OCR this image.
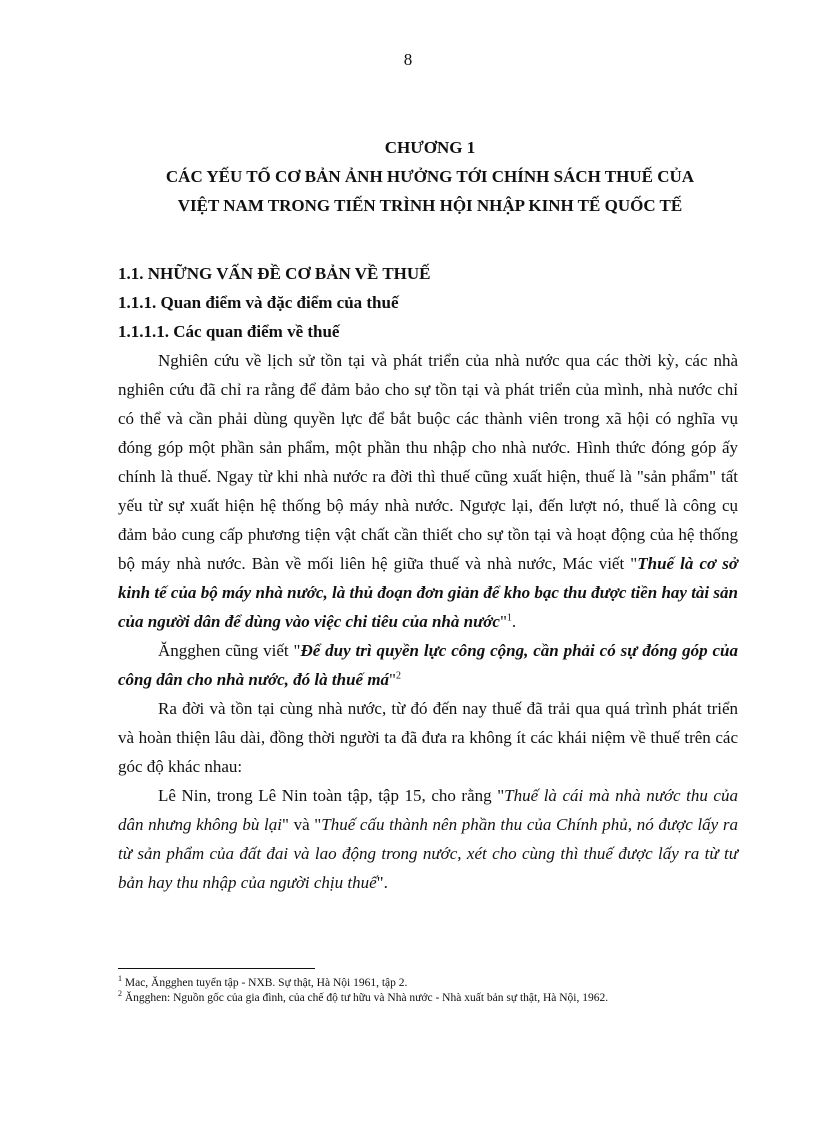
8
CHƯƠNG 1
CÁC YẾU TỐ CƠ BẢN ẢNH HƯỞNG TỚI CHÍNH SÁCH THUẾ CỦA
VIỆT NAM TRONG TIẾN TRÌNH HỘI NHẬP KINH TẾ QUỐC TẾ
1.1. NHỮNG VẤN ĐỀ CƠ BẢN VỀ THUẾ
1.1.1. Quan điểm và đặc điểm của thuế
1.1.1.1. Các quan điểm về thuế

Nghiên cứu về lịch sử tồn tại và phát triển của nhà nước qua các thời kỳ, các nhà nghiên cứu đã chỉ ra rằng để đảm bảo cho sự tồn tại và phát triển của mình, nhà nước chỉ có thể và cần phải dùng quyền lực để bắt buộc các thành viên trong xã hội có nghĩa vụ đóng góp một phần sản phẩm, một phần thu nhập cho nhà nước. Hình thức đóng góp ấy chính là thuế. Ngay từ khi nhà nước ra đời thì thuế cũng xuất hiện, thuế là "sản phẩm" tất yếu từ sự xuất hiện hệ thống bộ máy nhà nước. Ngược lại, đến lượt nó, thuế là công cụ đảm bảo cung cấp phương tiện vật chất cần thiết cho sự tồn tại và hoạt động của hệ thống bộ máy nhà nước. Bàn về mối liên hệ giữa thuế và nhà nước, Mác viết "Thuế là cơ sở kinh tế của bộ máy nhà nước, là thủ đoạn đơn giản để kho bạc thu được tiền hay tài sản của người dân để dùng vào việc chi tiêu của nhà nước"$^1$.

Ăngghen cũng viết "Để duy trì quyền lực công cộng, cần phải có sự đóng góp của công dân cho nhà nước, đó là thuế má"$^2$

Ra đời và tồn tại cùng nhà nước, từ đó đến nay thuế đã trải qua quá trình phát triển và hoàn thiện lâu dài, đồng thời người ta đã đưa ra không ít các khái niệm về thuế trên các góc độ khác nhau:

Lê Nin, trong Lê Nin toàn tập, tập 15, cho rằng "Thuế là cái mà nhà nước thu của dân nhưng không bù lại" và "Thuế cấu thành nên phần thu của Chính phủ, nó được lấy ra từ sản phẩm của đất đai và lao động trong nước, xét cho cùng thì thuế được lấy ra từ tư bản hay thu nhập của người chịu thuế".

$^1$ Mac, Ăngghen tuyển tập - NXB. Sự thật, Hà Nội 1961, tập 2.
$^2$ Ăngghen: Nguồn gốc của gia đình, của chế độ tư hữu và Nhà nước - Nhà xuất bản sự thật, Hà Nội, 1962.
